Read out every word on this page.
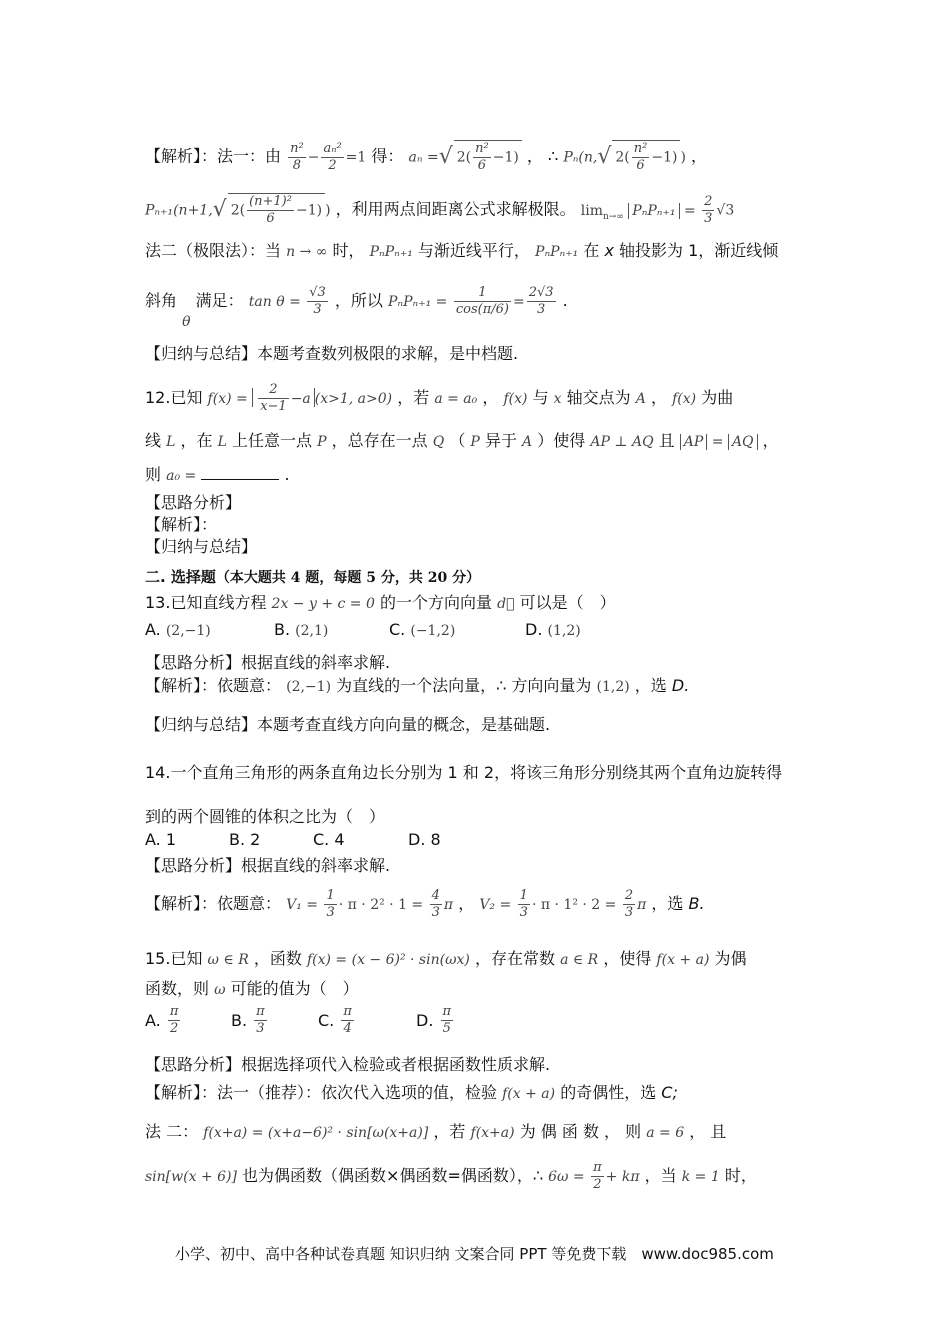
【解析】：法一：由 $\frac{\text{n²}}{8} - \frac{\text{aₙ²}}{2} =1$ 得： aₙ =√ $2( \frac{\text{n²}}{6} -1)$ ， ∴ Pₙ(n,√ $2( \frac{\text{n²}}{6} -1)$ ) ，
Pₙ₊₁(n+1,√ $2( \frac{\text{(n+1)²}}{6} -1)$ ) ，利用两点间距离公式求解极限。 $\lim_{n\to\infty} P_nP_{n+1} = \frac{2}{3} √3$
法二（极限法）：当 n → ∞ 时， PₙPₙ₊₁ 与渐近线平行， PₙPₙ₊₁ 在 x 轴投影为 1，渐近线倾
斜角 θ 满足： $\tan \theta = \frac{√3}{3}$ ，所以 $P_nP_{n+1} = \frac{1}{\cos(\pi/6)} = \frac{2√3}{3}$ .
【归纳与总结】本题考查数列极限的求解，是中档题.
12.已知 $f(x) = \frac{2}{x-1} -a$ (x>1, a>0) ，若 a = a₀ ， f(x) 与 x 轴交点为 A ， f(x) 为曲
线 L ，在 L 上任意一点 P ，总存在一点 Q （ P 异于 A ）使得 AP ⊥ AQ 且 AP = AQ ，
则 a₀ =	.
【思路分析】
【解析】：
【归纳与总结】
二. 选择题（本大题共 4 题，每题 5 分，共 20 分）
13.已知直线方程 2x − y + c = 0 的一个方向向量 d⃗ 可以是（　）
A. (2,−1)	B. (2,1)	C. (−1,2)	D. (1,2)
【思路分析】根据直线的斜率求解.
【解析】：依题意： (2,−1) 为直线的一个法向量，∴ 方向向量为 (1,2) ，选 D.
【归纳与总结】本题考查直线方向向量的概念，是基础题.
14.一个直角三角形的两条直角边长分别为 1 和 2，将该三角形分别绕其两个直角边旋转得
到的两个圆锥的体积之比为（　）
A. 1	B. 2	C. 4	D. 8
【思路分析】根据直线的斜率求解.
【解析】：依题意： $V_1 = \frac{1}{3} \cdot \pi \cdot 2^2 \cdot 1 = \frac{4}{3}$ π ， $V_2 = \frac{1}{3} \cdot \pi \cdot 1^2 \cdot 2 = \frac{2}{3}$ π ，选 B.
15.已知 ω ∈ R ，函数 f(x) = (x − 6)² · sin(ωx) ，存在常数 a ∈ R ，使得 f(x + a) 为偶
函数，则 ω 可能的值为（　）
A. $\frac{\pi}{2}$	B. $\frac{\pi}{3}$	C. $\frac{\pi}{4}$	D. $\frac{\pi}{5}$
【思路分析】根据选择项代入检验或者根据函数性质求解.
【解析】：法一（推荐）：依次代入选项的值，检验 f(x + a) 的奇偶性，选 C;
法 二： f(x+a) = (x+a−6)² · sin[ω(x+a)] ，若 f(x+a) 为 偶 函 数 ， 则 a = 6 ， 且
sin[w(x + 6)] 也为偶函数（偶函数×偶函数=偶函数），∴ $6\omega = \frac{\pi}{2} + k\pi$ ，当 k = 1 时，
小学、初中、高中各种试卷真题 知识归纳 文案合同 PPT 等免费下载　www.doc985.com
